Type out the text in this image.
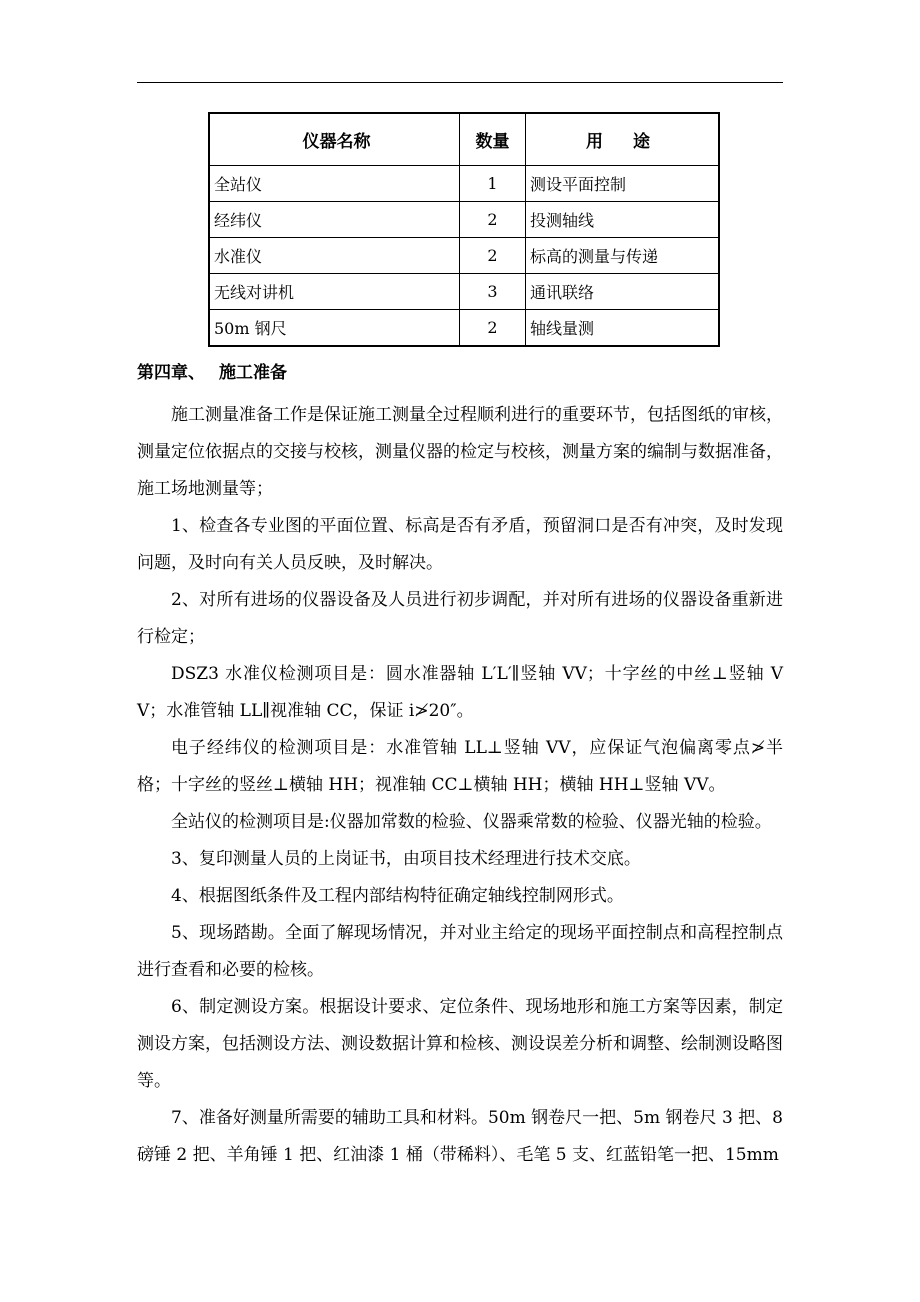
仪器名称	数量	用 途
全站仪	1	测设平面控制
经纬仪	2	投测轴线
水准仪	2	标高的测量与传递
无线对讲机	3	通讯联络
50m 钢尺	2	轴线量测
第四章、 施工准备

施工测量准备工作是保证施工测量全过程顺利进行的重要环节，包括图纸的审核，测量定位依据点的交接与校核，测量仪器的检定与校核，测量方案的编制与数据准备，施工场地测量等；

1、检查各专业图的平面位置、标高是否有矛盾，预留洞口是否有冲突，及时发现问题，及时向有关人员反映，及时解决。

2、对所有进场的仪器设备及人员进行初步调配，并对所有进场的仪器设备重新进行检定；

DSZ3 水准仪检测项目是：圆水准器轴 L′L′∥竖轴 VV；十字丝的中丝⊥竖轴 VV；水准管轴 LL∥视准轴 CC，保证 i≯20″。

电子经纬仪的检测项目是：水准管轴 LL⊥竖轴 VV，应保证气泡偏离零点≯半格；十字丝的竖丝⊥横轴 HH；视准轴 CC⊥横轴 HH；横轴 HH⊥竖轴 VV。

全站仪的检测项目是:仪器加常数的检验、仪器乘常数的检验、仪器光轴的检验。

3、复印测量人员的上岗证书，由项目技术经理进行技术交底。

4、根据图纸条件及工程内部结构特征确定轴线控制网形式。

5、现场踏勘。全面了解现场情况，并对业主给定的现场平面控制点和高程控制点进行查看和必要的检核。

6、制定测设方案。根据设计要求、定位条件、现场地形和施工方案等因素，制定测设方案，包括测设方法、测设数据计算和检核、测设误差分析和调整、绘制测设略图等。

7、准备好测量所需要的辅助工具和材料。50m 钢卷尺一把、5m 钢卷尺 3 把、8 磅锤 2 把、羊角锤 1 把、红油漆 1 桶（带稀料）、毛笔 5 支、红蓝铅笔一把、15mm
